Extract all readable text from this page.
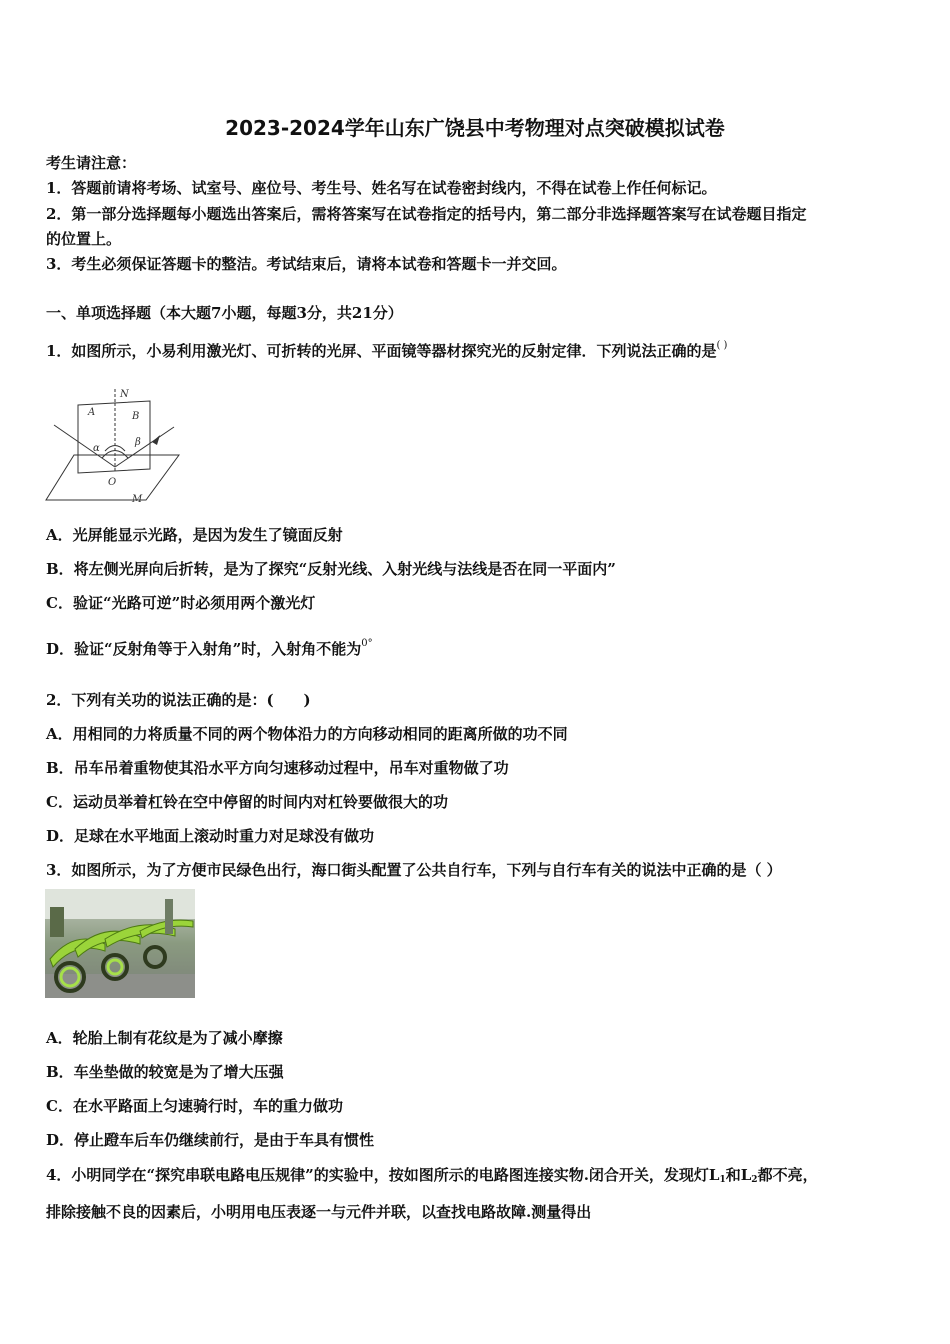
2023-2024学年山东广饶县中考物理对点突破模拟试卷
考生请注意：
1．答题前请将考场、试室号、座位号、考生号、姓名写在试卷密封线内，不得在试卷上作任何标记。
2．第一部分选择题每小题选出答案后，需将答案写在试卷指定的括号内，第二部分非选择题答案写在试卷题目指定
的位置上。
3．考生必须保证答题卡的整洁。考试结束后，请将本试卷和答题卡一并交回。
一、单项选择题（本大题7小题，每题3分，共21分）
1．如图所示，小易利用激光灯、可折转的光屏、平面镜等器材探究光的反射定律．下列说法正确的是( )
N
A	B
α
β
O
M
A．光屏能显示光路，是因为发生了镜面反射
B．将左侧光屏向后折转，是为了探究“反射光线、入射光线与法线是否在同一平面内”
C．验证“光路可逆”时必须用两个激光灯
D．验证“反射角等于入射角”时，入射角不能为$^{0^\circ}$
2．下列有关功的说法正确的是：(　　)
A．用相同的力将质量不同的两个物体沿力的方向移动相同的距离所做的功不同
B．吊车吊着重物使其沿水平方向匀速移动过程中，吊车对重物做了功
C．运动员举着杠铃在空中停留的时间内对杠铃要做很大的功
D．足球在水平地面上滚动时重力对足球没有做功
3．如图所示，为了方便市民绿色出行，海口街头配置了公共自行车，下列与自行车有关的说法中正确的是（ ）
A．轮胎上制有花纹是为了减小摩擦
B．车坐垫做的较宽是为了增大压强
C．在水平路面上匀速骑行时，车的重力做功
D．停止蹬车后车仍继续前行，是由于车具有惯性
4．小明同学在“探究串联电路电压规律”的实验中，按如图所示的电路图连接实物.闭合开关，发现灯$L_1$和$L_2$都不亮，
排除接触不良的因素后，小明用电压表逐一与元件并联，以查找电路故障.测量得出
